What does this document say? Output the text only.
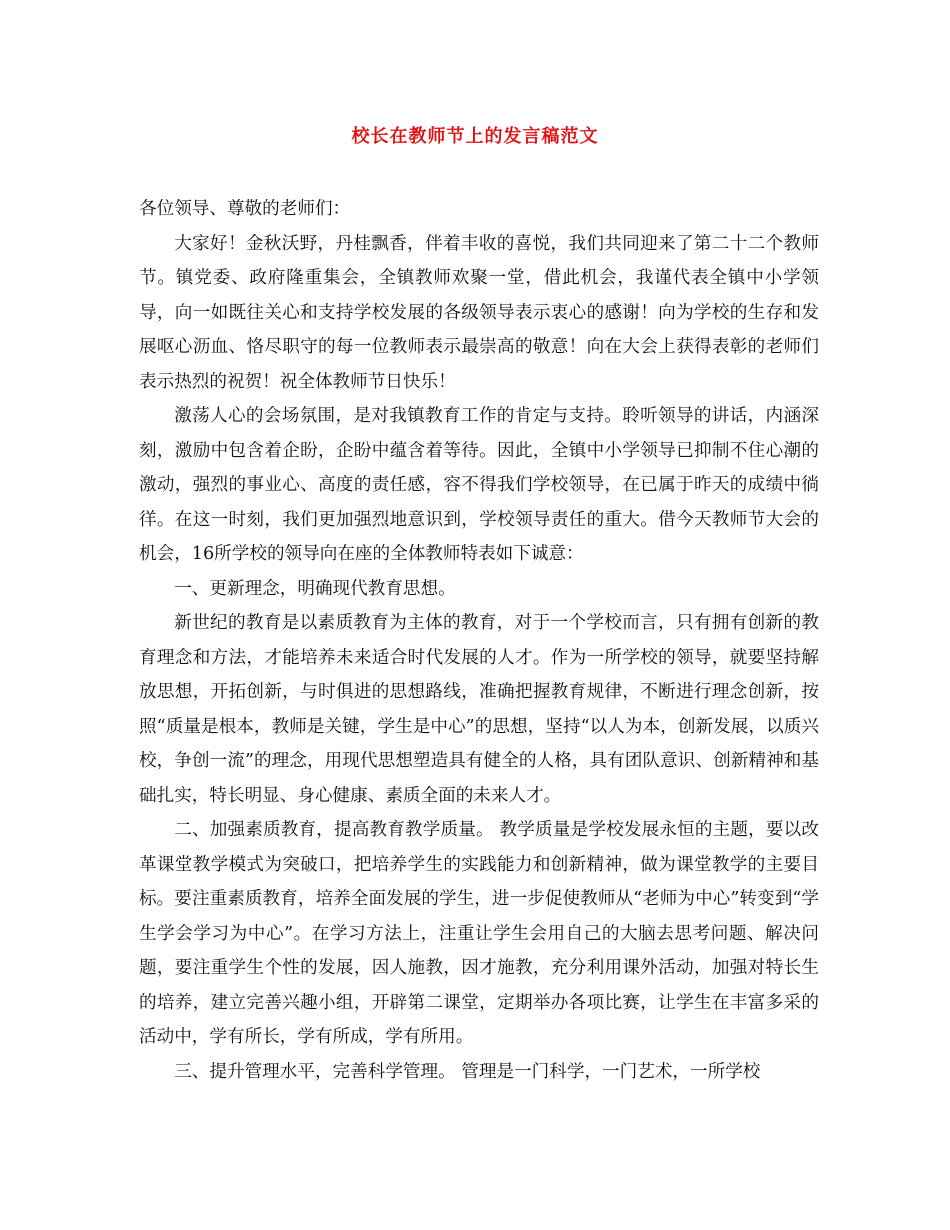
校长在教师节上的发言稿范文

各位领导、尊敬的老师们：

大家好！金秋沃野，丹桂飘香，伴着丰收的喜悦，我们共同迎来了第二十二个教师节。镇党委、政府隆重集会，全镇教师欢聚一堂，借此机会，我谨代表全镇中小学领导，向一如既往关心和支持学校发展的各级领导表示衷心的感谢！向为学校的生存和发展呕心沥血、恪尽职守的每一位教师表示最崇高的敬意！向在大会上获得表彰的老师们表示热烈的祝贺！祝全体教师节日快乐！

激荡人心的会场氛围，是对我镇教育工作的肯定与支持。聆听领导的讲话，内涵深刻，激励中包含着企盼，企盼中蕴含着等待。因此，全镇中小学领导已抑制不住心潮的激动，强烈的事业心、高度的责任感，容不得我们学校领导，在已属于昨天的成绩中徜徉。在这一时刻，我们更加强烈地意识到，学校领导责任的重大。借今天教师节大会的机会，16所学校的领导向在座的全体教师特表如下诚意：

一、更新理念，明确现代教育思想。

新世纪的教育是以素质教育为主体的教育，对于一个学校而言，只有拥有创新的教育理念和方法，才能培养未来适合时代发展的人才。作为一所学校的领导，就要坚持解放思想，开拓创新，与时俱进的思想路线，准确把握教育规律，不断进行理念创新，按照“质量是根本，教师是关键，学生是中心”的思想，坚持“以人为本，创新发展，以质兴校，争创一流”的理念，用现代思想塑造具有健全的人格，具有团队意识、创新精神和基础扎实，特长明显、身心健康、素质全面的未来人才。

二、加强素质教育，提高教育教学质量。 教学质量是学校发展永恒的主题，要以改革课堂教学模式为突破口，把培养学生的实践能力和创新精神，做为课堂教学的主要目标。要注重素质教育，培养全面发展的学生，进一步促使教师从“老师为中心”转变到“学生学会学习为中心”。在学习方法上，注重让学生会用自己的大脑去思考问题、解决问题，要注重学生个性的发展，因人施教，因才施教，充分利用课外活动，加强对特长生的培养，建立完善兴趣小组，开辟第二课堂，定期举办各项比赛，让学生在丰富多采的活动中，学有所长，学有所成，学有所用。

三、提升管理水平，完善科学管理。 管理是一门科学，一门艺术，一所学校
